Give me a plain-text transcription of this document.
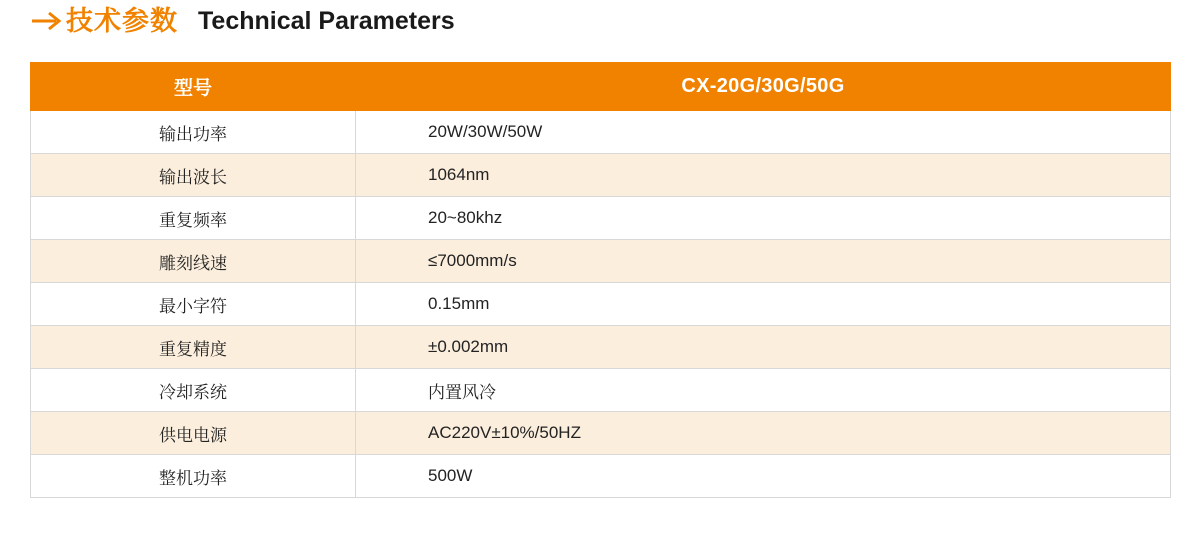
技术参数 Technical Parameters
型号	CX-20G/30G/50G
输出功率	20W/30W/50W
输出波长	1064nm
重复频率	20~80khz
雕刻线速	≤7000mm/s
最小字符	0.15mm
重复精度	±0.002mm
冷却系统	内置风冷
供电电源	AC220V±10%/50HZ
整机功率	500W
